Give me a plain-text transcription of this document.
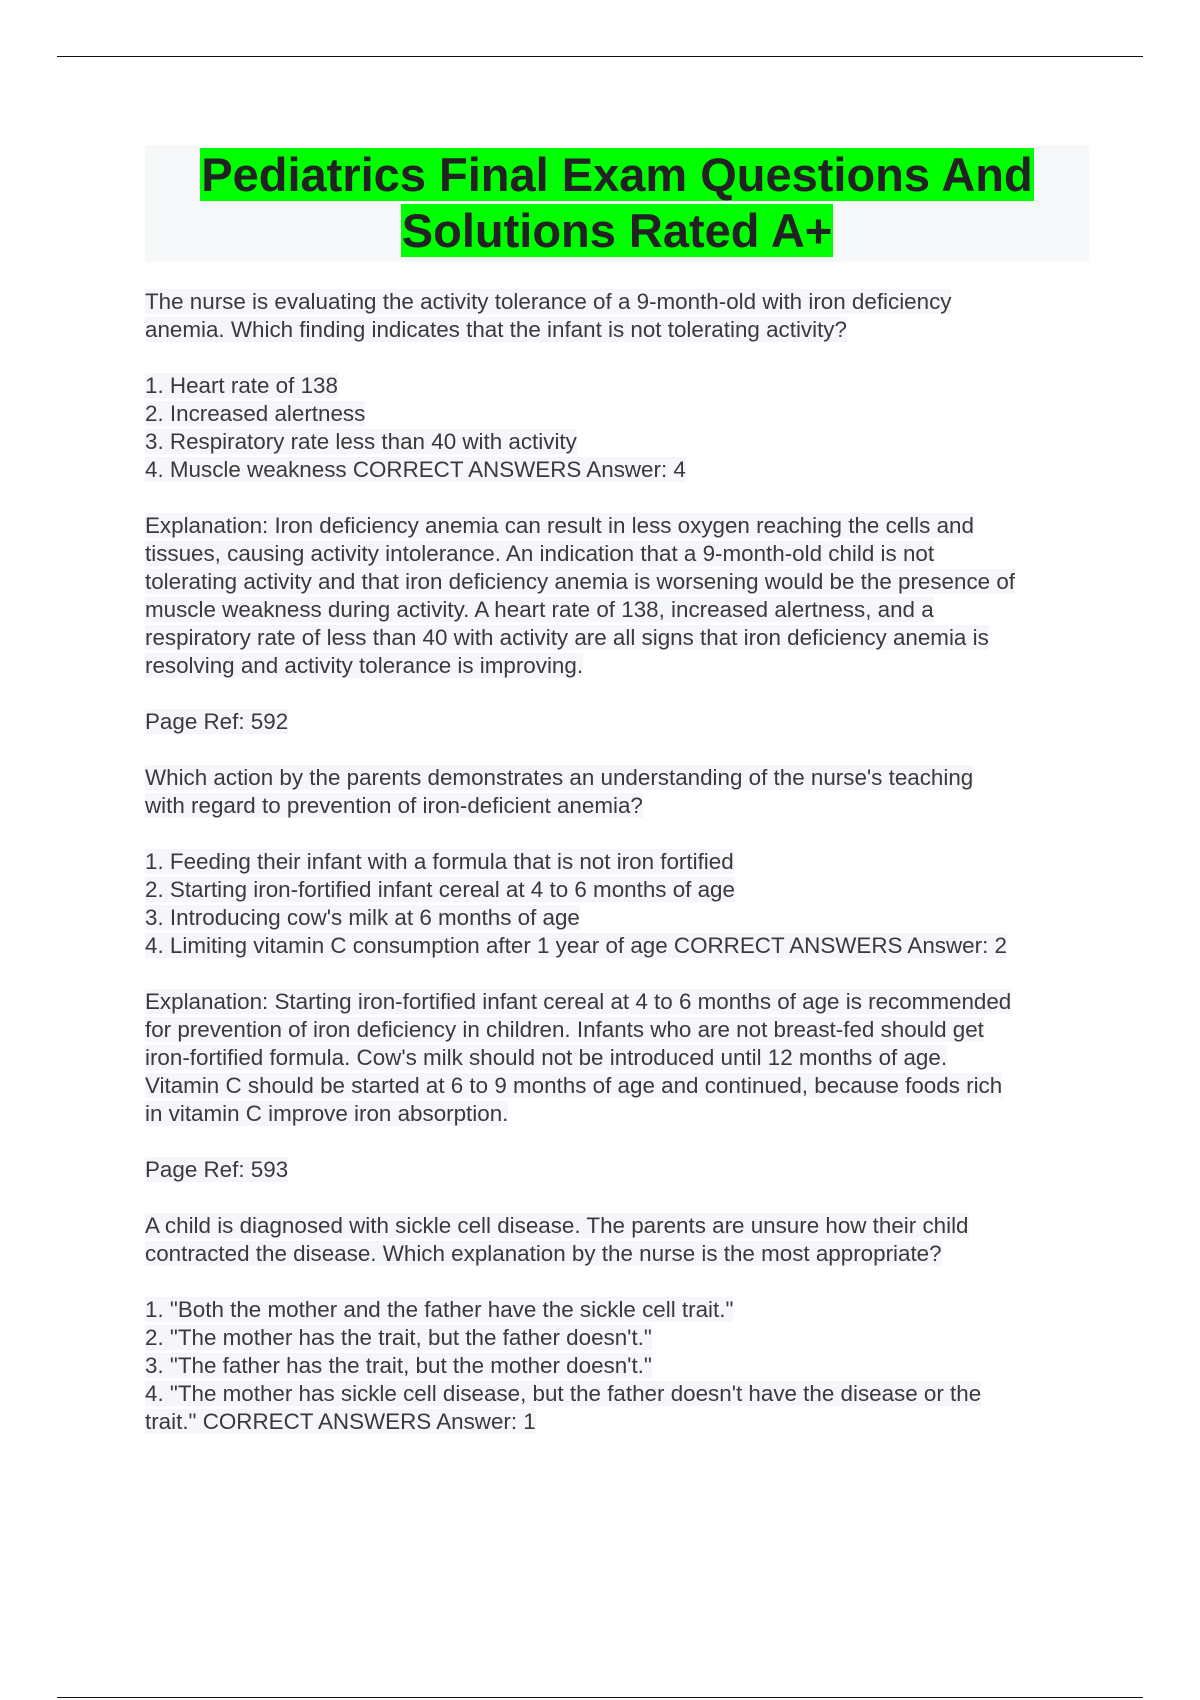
Pediatrics Final Exam Questions And
Solutions Rated A+
The nurse is evaluating the activity tolerance of a 9-month-old with iron deficiency
anemia. Which finding indicates that the infant is not tolerating activity?
1. Heart rate of 138
2. Increased alertness
3. Respiratory rate less than 40 with activity
4. Muscle weakness CORRECT ANSWERS Answer: 4
Explanation: Iron deficiency anemia can result in less oxygen reaching the cells and
tissues, causing activity intolerance. An indication that a 9-month-old child is not
tolerating activity and that iron deficiency anemia is worsening would be the presence of
muscle weakness during activity. A heart rate of 138, increased alertness, and a
respiratory rate of less than 40 with activity are all signs that iron deficiency anemia is
resolving and activity tolerance is improving.
Page Ref: 592
Which action by the parents demonstrates an understanding of the nurse's teaching
with regard to prevention of iron-deficient anemia?
1. Feeding their infant with a formula that is not iron fortified
2. Starting iron-fortified infant cereal at 4 to 6 months of age
3. Introducing cow's milk at 6 months of age
4. Limiting vitamin C consumption after 1 year of age CORRECT ANSWERS Answer: 2
Explanation: Starting iron-fortified infant cereal at 4 to 6 months of age is recommended
for prevention of iron deficiency in children. Infants who are not breast-fed should get
iron-fortified formula. Cow's milk should not be introduced until 12 months of age.
Vitamin C should be started at 6 to 9 months of age and continued, because foods rich
in vitamin C improve iron absorption.
Page Ref: 593
A child is diagnosed with sickle cell disease. The parents are unsure how their child
contracted the disease. Which explanation by the nurse is the most appropriate?
1. "Both the mother and the father have the sickle cell trait."
2. "The mother has the trait, but the father doesn't."
3. "The father has the trait, but the mother doesn't."
4. "The mother has sickle cell disease, but the father doesn't have the disease or the
trait." CORRECT ANSWERS Answer: 1
